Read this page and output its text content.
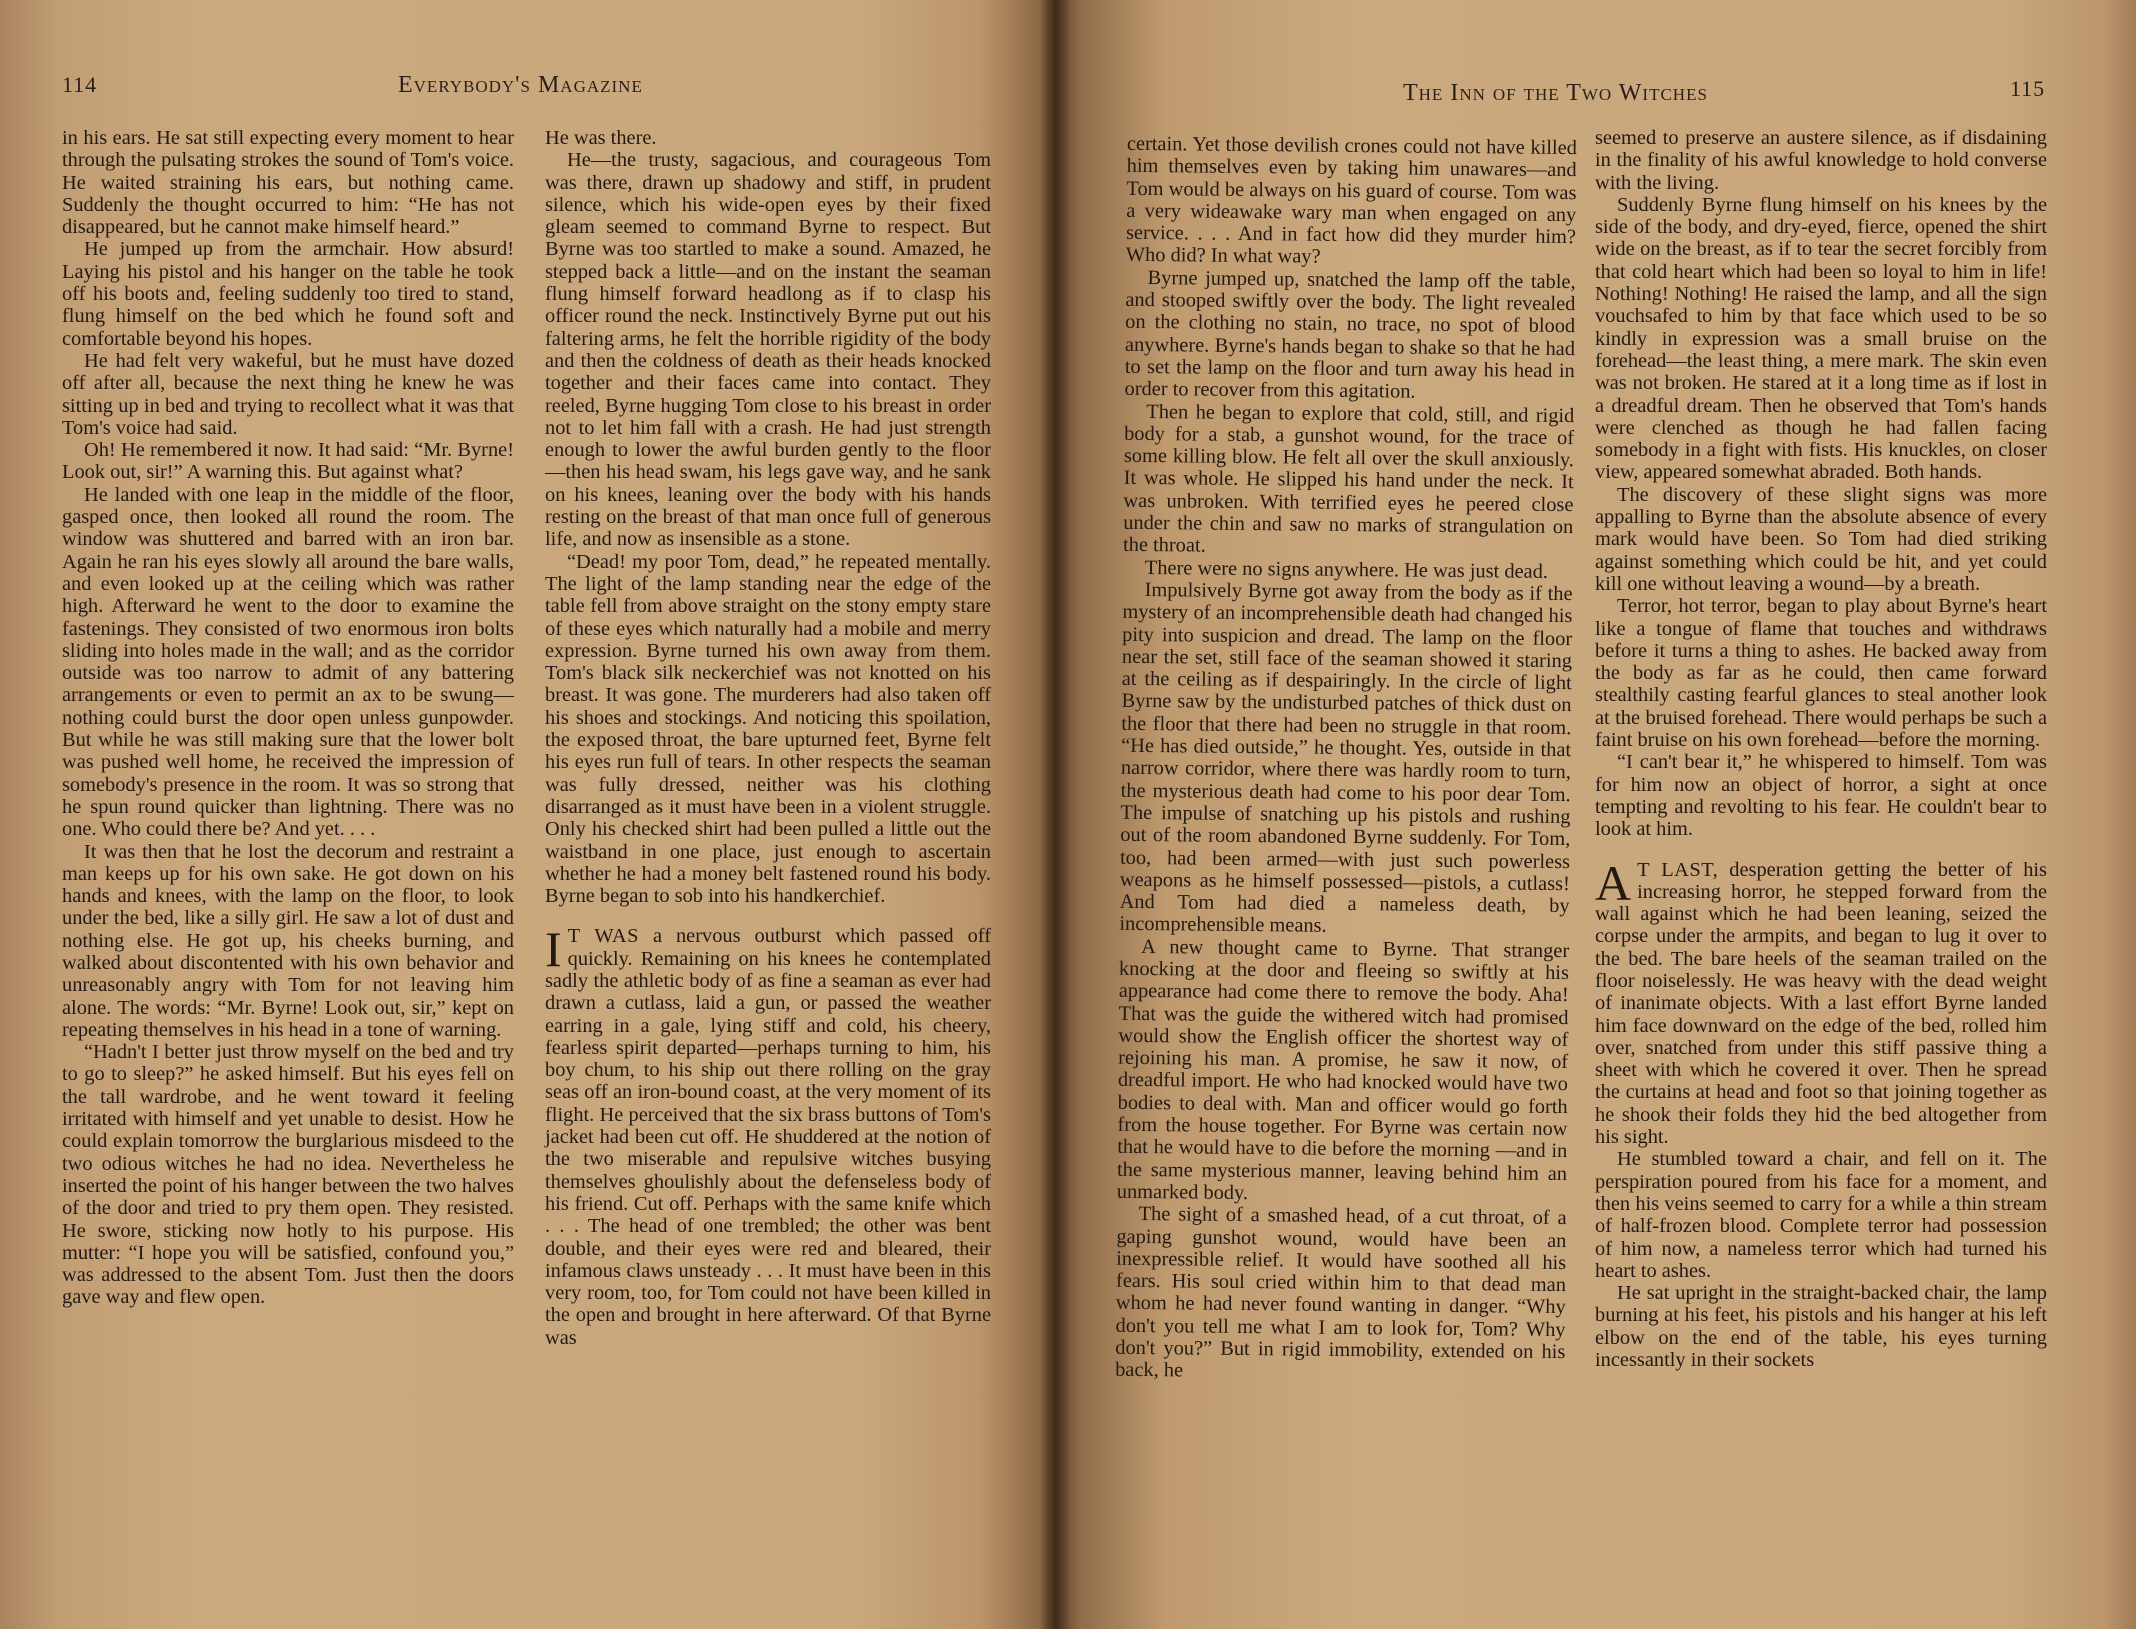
114	Everybody's Magazine

in his ears. He sat still expecting every moment to hear through the pulsating strokes the sound of Tom's voice. He waited straining his ears, but nothing came. Suddenly the thought occurred to him: “He has not disappeared, but he cannot make himself heard.”

He jumped up from the armchair. How absurd! Laying his pistol and his hanger on the table he took off his boots and, feeling suddenly too tired to stand, flung himself on the bed which he found soft and comfortable beyond his hopes.

He had felt very wakeful, but he must have dozed off after all, because the next thing he knew he was sitting up in bed and trying to recollect what it was that Tom's voice had said.

Oh! He remembered it now. It had said: “Mr. Byrne! Look out, sir!” A warning this. But against what?

He landed with one leap in the middle of the floor, gasped once, then looked all round the room. The window was shuttered and barred with an iron bar. Again he ran his eyes slowly all around the bare walls, and even looked up at the ceiling which was rather high. Afterward he went to the door to examine the fastenings. They consisted of two enormous iron bolts sliding into holes made in the wall; and as the corridor outside was too narrow to admit of any battering arrangements or even to permit an ax to be swung—nothing could burst the door open unless gunpowder. But while he was still making sure that the lower bolt was pushed well home, he received the impression of somebody's presence in the room. It was so strong that he spun round quicker than lightning. There was no one. Who could there be? And yet. . . .

It was then that he lost the decorum and restraint a man keeps up for his own sake. He got down on his hands and knees, with the lamp on the floor, to look under the bed, like a silly girl. He saw a lot of dust and nothing else. He got up, his cheeks burning, and walked about discontented with his own behavior and unreasonably angry with Tom for not leaving him alone. The words: “Mr. Byrne! Look out, sir,” kept on repeating themselves in his head in a tone of warning.

“Hadn't I better just throw myself on the bed and try to go to sleep?” he asked himself. But his eyes fell on the tall wardrobe, and he went toward it feeling irritated with himself and yet unable to desist. How he could explain tomorrow the burglarious misdeed to the two odious witches he had no idea. Nevertheless he inserted the point of his hanger between the two halves of the door and tried to pry them open. They resisted. He swore, sticking now hotly to his purpose. His mutter: “I hope you will be satisfied, confound you,” was addressed to the absent Tom. Just then the doors gave way and flew open.

He was there.

He—the trusty, sagacious, and courageous Tom was there, drawn up shadowy and stiff, in prudent silence, which his wide-open eyes by their fixed gleam seemed to command Byrne to respect. But Byrne was too startled to make a sound. Amazed, he stepped back a little—and on the instant the seaman flung himself forward headlong as if to clasp his officer round the neck. Instinctively Byrne put out his faltering arms, he felt the horrible rigidity of the body and then the coldness of death as their heads knocked together and their faces came into contact. They reeled, Byrne hugging Tom close to his breast in order not to let him fall with a crash. He had just strength enough to lower the awful burden gently to the floor—then his head swam, his legs gave way, and he sank on his knees, leaning over the body with his hands resting on the breast of that man once full of generous life, and now as insensible as a stone.

“Dead! my poor Tom, dead,” he repeated mentally. The light of the lamp standing near the edge of the table fell from above straight on the stony empty stare of these eyes which naturally had a mobile and merry expression. Byrne turned his own away from them. Tom's black silk neckerchief was not knotted on his breast. It was gone. The murderers had also taken off his shoes and stockings. And noticing this spoilation, the exposed throat, the bare upturned feet, Byrne felt his eyes run full of tears. In other respects the seaman was fully dressed, neither was his clothing disarranged as it must have been in a violent struggle. Only his checked shirt had been pulled a little out the waistband in one place, just enough to ascertain whether he had a money belt fastened round his body. Byrne began to sob into his handkerchief.

I T WAS a nervous outburst which passed off quickly. Remaining on his knees he contemplated sadly the athletic body of as fine a seaman as ever had drawn a cutlass, laid a gun, or passed the weather earring in a gale, lying stiff and cold, his cheery, fearless spirit departed—perhaps turning to him, his boy chum, to his ship out there rolling on the gray seas off an iron-bound coast, at the very moment of its flight. He perceived that the six brass buttons of Tom's jacket had been cut off. He shuddered at the notion of the two miserable and repulsive witches busying themselves ghoulishly about the defenseless body of his friend. Cut off. Perhaps with the same knife which . . . The head of one trembled; the other was bent double, and their eyes were red and bleared, their infamous claws unsteady . . . It must have been in this very room, too, for Tom could not have been killed in the open and brought in here afterward. Of that Byrne was

The Inn of the Two Witches	115

certain. Yet those devilish crones could not have killed him themselves even by taking him unawares—and Tom would be always on his guard of course. Tom was a very wideawake wary man when engaged on any service. . . . And in fact how did they murder him? Who did? In what way?

Byrne jumped up, snatched the lamp off the table, and stooped swiftly over the body. The light revealed on the clothing no stain, no trace, no spot of blood anywhere. Byrne's hands began to shake so that he had to set the lamp on the floor and turn away his head in order to recover from this agitation.

Then he began to explore that cold, still, and rigid body for a stab, a gunshot wound, for the trace of some killing blow. He felt all over the skull anxiously. It was whole. He slipped his hand under the neck. It was unbroken. With terrified eyes he peered close under the chin and saw no marks of strangulation on the throat.

There were no signs anywhere. He was just dead.

Impulsively Byrne got away from the body as if the mystery of an incomprehensible death had changed his pity into suspicion and dread. The lamp on the floor near the set, still face of the seaman showed it staring at the ceiling as if despairingly. In the circle of light Byrne saw by the undisturbed patches of thick dust on the floor that there had been no struggle in that room. “He has died outside,” he thought. Yes, outside in that narrow corridor, where there was hardly room to turn, the mysterious death had come to his poor dear Tom. The impulse of snatching up his pistols and rushing out of the room abandoned Byrne suddenly. For Tom, too, had been armed—with just such powerless weapons as he himself possessed—pistols, a cutlass! And Tom had died a nameless death, by incomprehensible means.

A new thought came to Byrne. That stranger knocking at the door and fleeing so swiftly at his appearance had come there to remove the body. Aha! That was the guide the withered witch had promised would show the English officer the shortest way of rejoining his man. A promise, he saw it now, of dreadful import. He who had knocked would have two bodies to deal with. Man and officer would go forth from the house together. For Byrne was certain now that he would have to die before the morning —and in the same mysterious manner, leaving behind him an unmarked body.

The sight of a smashed head, of a cut throat, of a gaping gunshot wound, would have been an inexpressible relief. It would have soothed all his fears. His soul cried within him to that dead man whom he had never found wanting in danger. “Why don't you tell me what I am to look for, Tom? Why don't you?” But in rigid immobility, extended on his back, he

seemed to preserve an austere silence, as if disdaining in the finality of his awful knowledge to hold converse with the living.

Suddenly Byrne flung himself on his knees by the side of the body, and dry-eyed, fierce, opened the shirt wide on the breast, as if to tear the secret forcibly from that cold heart which had been so loyal to him in life! Nothing! Nothing! He raised the lamp, and all the sign vouchsafed to him by that face which used to be so kindly in expression was a small bruise on the forehead—the least thing, a mere mark. The skin even was not broken. He stared at it a long time as if lost in a dreadful dream. Then he observed that Tom's hands were clenched as though he had fallen facing somebody in a fight with fists. His knuckles, on closer view, appeared somewhat abraded. Both hands.

The discovery of these slight signs was more appalling to Byrne than the absolute absence of every mark would have been. So Tom had died striking against something which could be hit, and yet could kill one without leaving a wound—by a breath.

Terror, hot terror, began to play about Byrne's heart like a tongue of flame that touches and withdraws before it turns a thing to ashes. He backed away from the body as far as he could, then came forward stealthily casting fearful glances to steal another look at the bruised forehead. There would perhaps be such a faint bruise on his own forehead—before the morning.

“I can't bear it,” he whispered to himself. Tom was for him now an object of horror, a sight at once tempting and revolting to his fear. He couldn't bear to look at him.

A T LAST, desperation getting the better of his increasing horror, he stepped forward from the wall against which he had been leaning, seized the corpse under the armpits, and began to lug it over to the bed. The bare heels of the seaman trailed on the floor noiselessly. He was heavy with the dead weight of inanimate objects. With a last effort Byrne landed him face downward on the edge of the bed, rolled him over, snatched from under this stiff passive thing a sheet with which he covered it over. Then he spread the curtains at head and foot so that joining together as he shook their folds they hid the bed altogether from his sight.

He stumbled toward a chair, and fell on it. The perspiration poured from his face for a moment, and then his veins seemed to carry for a while a thin stream of half-frozen blood. Complete terror had possession of him now, a nameless terror which had turned his heart to ashes.

He sat upright in the straight-backed chair, the lamp burning at his feet, his pistols and his hanger at his left elbow on the end of the table, his eyes turning incessantly in their sockets
